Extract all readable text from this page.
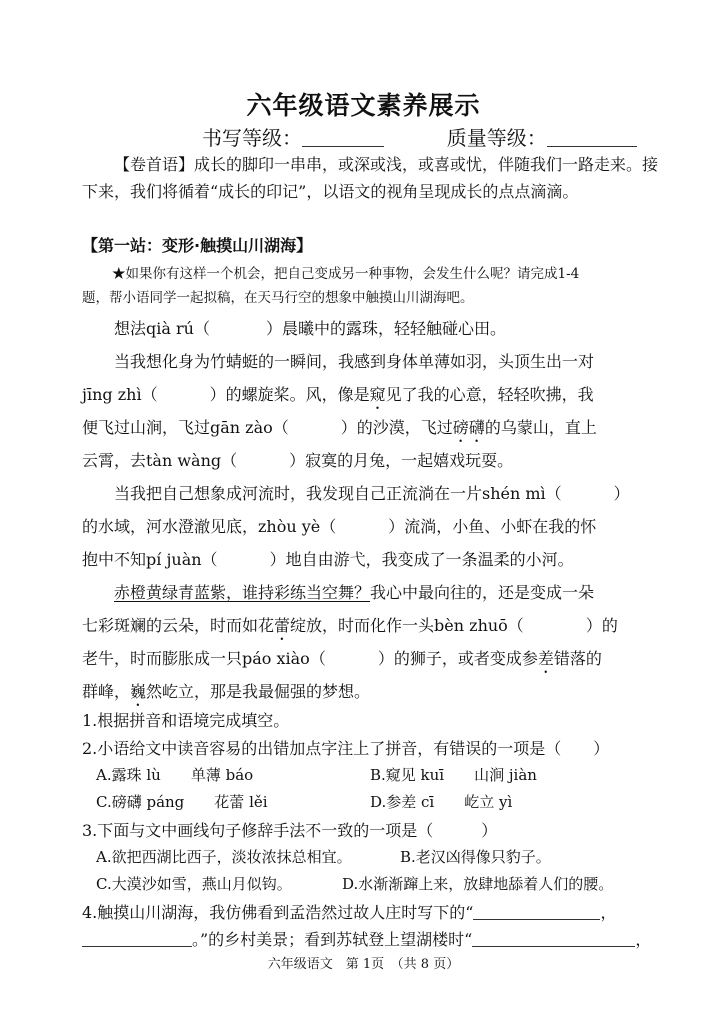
六年级语文素养展示
书写等级：	质量等级：

【卷首语】成长的脚印一串串，或深或浅，或喜或忧，伴随我们一路走来。接下来，我们将循着“成长的印记”，以语文的视角呈现成长的点点滴滴。

【第一站：变形·触摸山川湖海】
★如果你有这样一个机会，把自己变成另一种事物，会发生什么呢？请完成1-4
题，帮小语同学一起拟稿，在天马行空的想象中触摸山川湖海吧。
想法qià rú（	）晨曦中的露珠，轻轻触碰心田。
当我想化身为竹蜻蜓的一瞬间，我感到身体单薄如羽，头顶生出一对
jīng zhì（	）的螺旋桨。风，像是窥见了我的心意，轻轻吹拂，我
便飞过山涧，飞过gān zào（	）的沙漠，飞过磅礴的乌蒙山，直上
云霄，去tàn wàng（	）寂寞的月兔，一起嬉戏玩耍。
当我把自己想象成河流时，我发现自己正流淌在一片shén mì（	）
的水域，河水澄澈见底，zhòu yè（	）流淌，小鱼、小虾在我的怀
抱中不知pí juàn（	）地自由游弋，我变成了一条温柔的小河。
赤橙黄绿青蓝紫，谁持彩练当空舞？我心中最向往的，还是变成一朵
七彩斑斓的云朵，时而如花蕾绽放，时而化作一头bèn zhuō（	）的
老牛，时而膨胀成一只páo xiào（	）的狮子，或者变成参差错落的
群峰，巍然屹立，那是我最倔强的梦想。
1.根据拼音和语境完成填空。
2.小语给文中读音容易的出错加点字注上了拼音，有错误的一项是（　　）
A.露珠 lù 单薄 báo	B.窥见 kuī 山涧 jiàn
C.磅礴 páng 花蕾 lěi	D.参差 cī 屹立 yì
3.下面与文中画线句子修辞手法不一致的一项是（　　　）
A.欲把西湖比西子，淡妆浓抹总相宜。	B.老汉凶得像只豹子。
C.大漠沙如雪，燕山月似钩。	D.水渐渐蹿上来，放肆地舔着人们的腰。
4.触摸山川湖海，我仿佛看到孟浩然过故人庄时写下的“	，
。”的乡村美景；看到苏轼登上望湖楼时“	，
六年级语文　第 1页　（共 8 页）
